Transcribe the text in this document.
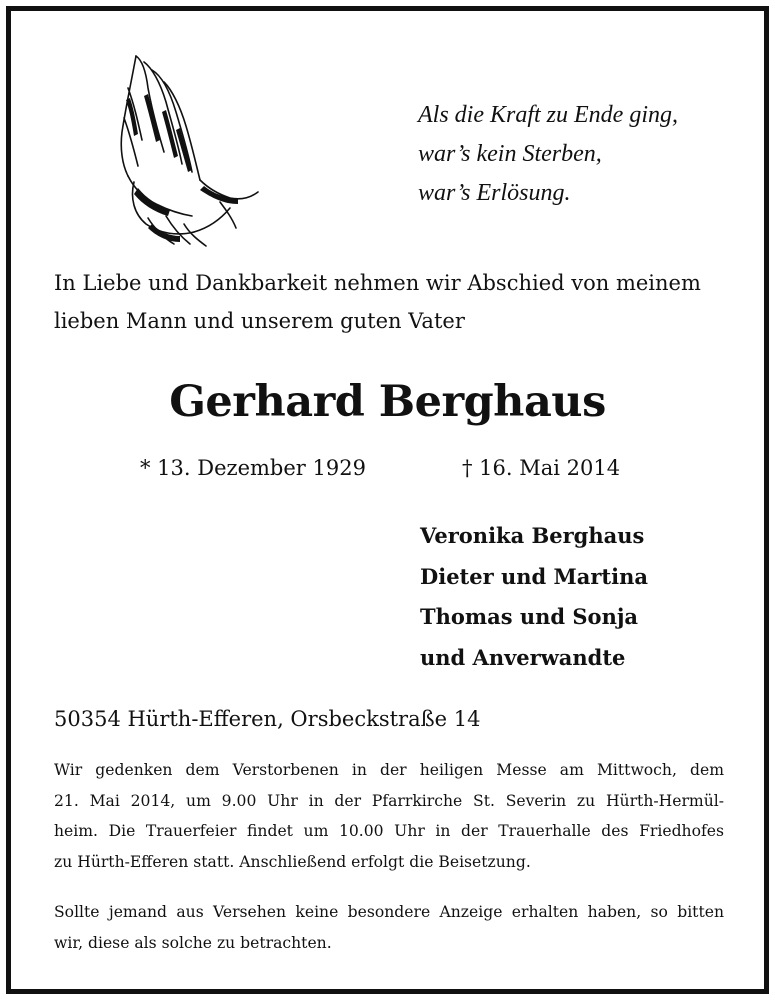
Als die Kraft zu Ende ging,
war’s kein Sterben,
war’s Erlösung.
In Liebe und Dankbarkeit nehmen wir Abschied von meinem
lieben Mann und unserem guten Vater
Gerhard Berghaus
* 13. Dezember 1929	† 16. Mai 2014
Veronika Berghaus
Dieter und Martina
Thomas und Sonja
und Anverwandte
50354 Hürth-Efferen, Orsbeckstraße 14
Wir gedenken dem Verstorbenen in der heiligen Messe am Mittwoch, dem
21. Mai 2014, um 9.00 Uhr in der Pfarrkirche St. Severin zu Hürth-Hermül-
heim. Die Trauerfeier findet um 10.00 Uhr in der Trauerhalle des Friedhofes
zu Hürth-Efferen statt. Anschließend erfolgt die Beisetzung.
Sollte jemand aus Versehen keine besondere Anzeige erhalten haben, so bitten
wir, diese als solche zu betrachten.
